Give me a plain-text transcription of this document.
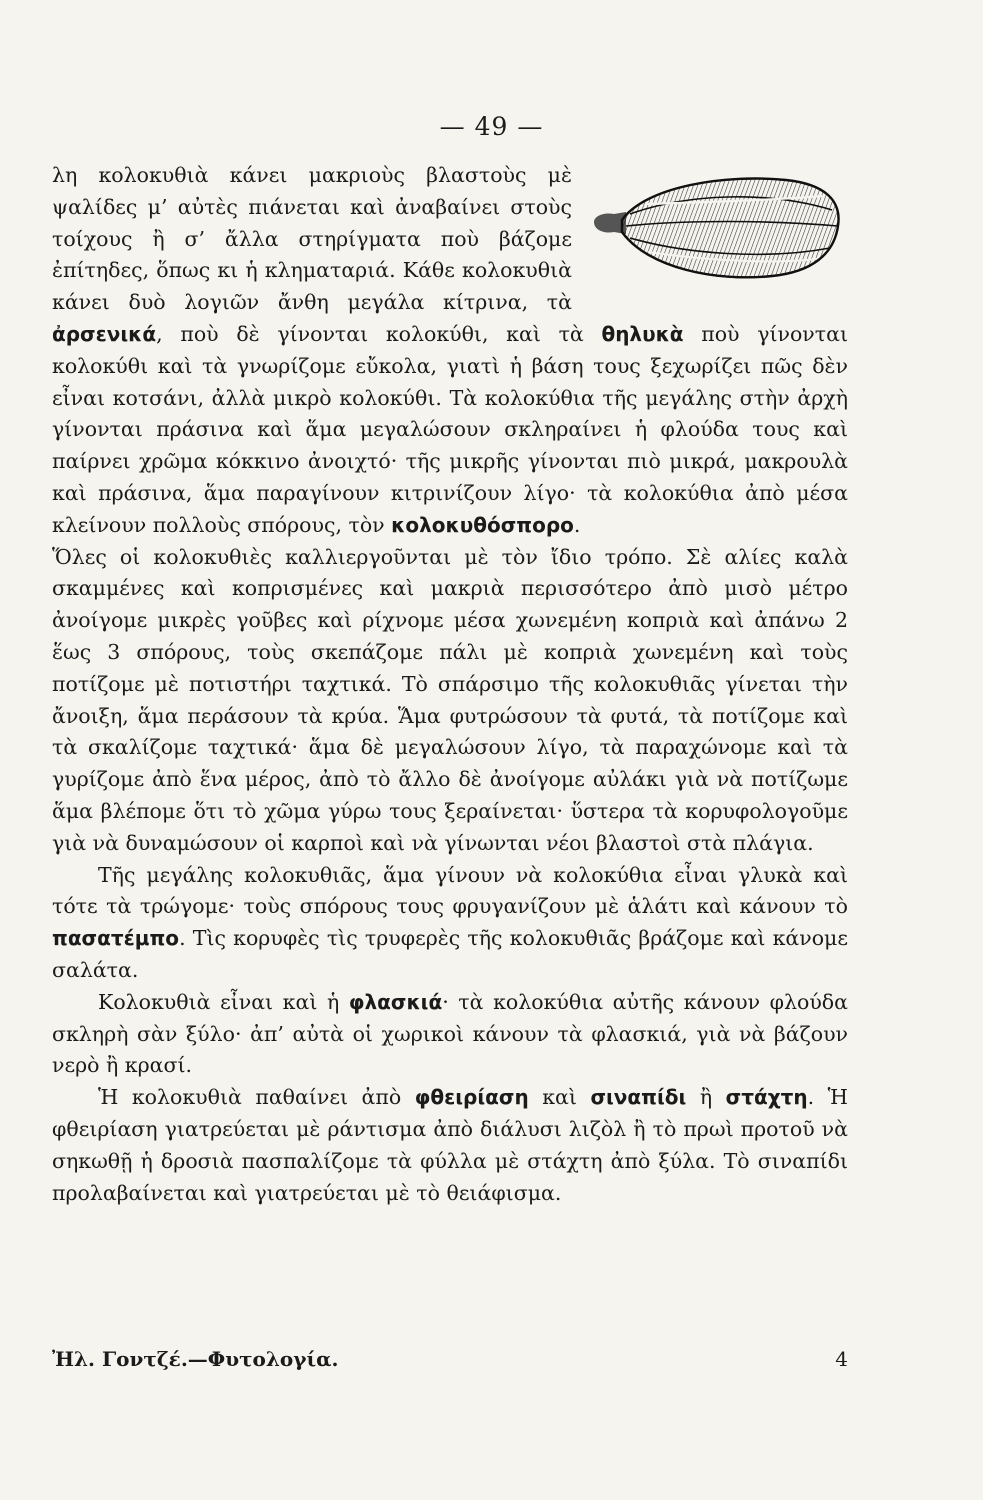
— 49 —

λη κολοκυθιὰ κάνει μακριοὺς βλαστοὺς μὲ ψαλίδες μ’ αὐτὲς πιάνεται καὶ ἀναβαίνει στοὺς τοίχους ἢ σ’ ἄλλα στηρίγματα ποὺ βάζομε ἐπίτηδες, ὅπως κι ἡ κληματαριά. Κάθε κολοκυθιὰ κάνει δυὸ λογιῶν ἄνθη μεγάλα κίτρινα, τὰ ἀρσενικά, ποὺ δὲ γίνονται κολοκύθι, καὶ τὰ θηλυκὰ ποὺ γίνονται κολοκύθι καὶ τὰ γνωρίζομε εὔκολα, γιατὶ ἡ βάση τους ξεχωρίζει πῶς δὲν εἶναι κοτσάνι, ἀλλὰ μικρὸ κολοκύθι. Τὰ κολοκύθια τῆς μεγάλης στὴν ἀρχὴ γίνονται πράσινα καὶ ἅμα μεγαλώσουν σκληραίνει ἡ φλούδα τους καὶ παίρνει χρῶμα κόκκινο ἀνοιχτό· τῆς μικρῆς γίνονται πιὸ μικρά, μακρουλὰ καὶ πράσινα, ἅμα παραγίνουν κιτρινίζουν λίγο· τὰ κολοκύθια ἀπὸ μέσα κλείνουν πολλοὺς σπόρους, τὸν κολοκυθόσπορο.

Ὅλες οἱ κολοκυθιὲς καλλιεργοῦνται μὲ τὸν ἴδιο τρόπο. Σὲ αλίες καλὰ σκαμμένες καὶ κοπρισμένες καὶ μακριὰ περισσότερο ἀπὸ μισὸ μέτρο ἀνοίγομε μικρὲς γοῦβες καὶ ρίχνομε μέσα χωνεμένη κοπριὰ καὶ ἀπάνω 2 ἕως 3 σπόρους, τοὺς σκεπάζομε πάλι μὲ κοπριὰ χωνεμένη καὶ τοὺς ποτίζομε μὲ ποτιστήρι ταχτικά. Τὸ σπάρσιμο τῆς κολοκυθιᾶς γίνεται τὴν ἄνοιξη, ἅμα περάσουν τὰ κρύα. Ἅμα φυτρώσουν τὰ φυτά, τὰ ποτίζομε καὶ τὰ σκαλίζομε ταχτικά· ἅμα δὲ μεγαλώσουν λίγο, τὰ παραχώνομε καὶ τὰ γυρίζομε ἀπὸ ἕνα μέρος, ἀπὸ τὸ ἄλλο δὲ ἀνοίγομε αὐλάκι γιὰ νὰ ποτίζωμε ἅμα βλέπομε ὅτι τὸ χῶμα γύρω τους ξεραίνεται· ὕστερα τὰ κορυφολογοῦμε γιὰ νὰ δυναμώσουν οἱ καρποὶ καὶ νὰ γίνωνται νέοι βλαστοὶ στὰ πλάγια.

Τῆς μεγάλης κολοκυθιᾶς, ἅμα γίνουν νὰ κολοκύθια εἶναι γλυκὰ καὶ τότε τὰ τρώγομε· τοὺς σπόρους τους φρυγανίζουν μὲ ἁλάτι καὶ κάνουν τὸ πασατέμπο. Τὶς κορυφὲς τὶς τρυφερὲς τῆς κολοκυθιᾶς βράζομε καὶ κάνομε σαλάτα.

Κολοκυθιὰ εἶναι καὶ ἡ φλασκιά· τὰ κολοκύθια αὐτῆς κάνουν φλούδα σκληρὴ σὰν ξύλο· ἀπ’ αὐτὰ οἱ χωρικοὶ κάνουν τὰ φλασκιά, γιὰ νὰ βάζουν νερὸ ἢ κρασί.

Ἡ κολοκυθιὰ παθαίνει ἀπὸ φθειρίαση καὶ σιναπίδι ἢ στάχτη. Ἡ φθειρίαση γιατρεύεται μὲ ράντισμα ἀπὸ διάλυσι λιζὸλ ἢ τὸ πρωὶ προτοῦ νὰ σηκωθῇ ἡ δροσιὰ πασπαλίζομε τὰ φύλλα μὲ στάχτη ἀπὸ ξύλα. Τὸ σιναπίδι προλαβαίνεται καὶ γιατρεύεται μὲ τὸ θειάφισμα.

Ἠλ. Γοντζέ.—Φυτολογία.	4
